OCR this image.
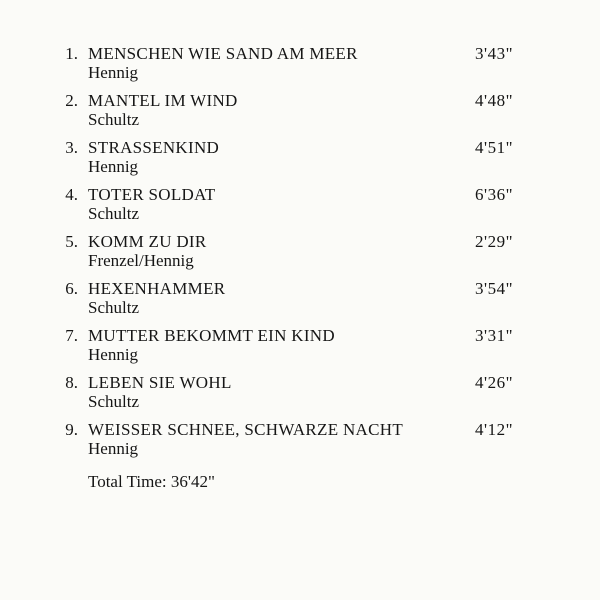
1. MENSCHEN WIE SAND AM MEER
Hennig
3'43"
2. MANTEL IM WIND
Schultz
4'48"
3. STRASSENKIND
Hennig
4'51"
4. TOTER SOLDAT
Schultz
6'36"
5. KOMM ZU DIR
Frenzel/Hennig
2'29"
6. HEXENHAMMER
Schultz
3'54"
7. MUTTER BEKOMMT EIN KIND
Hennig
3'31"
8. LEBEN SIE WOHL
Schultz
4'26"
9. WEISSER SCHNEE, SCHWARZE NACHT
Hennig
4'12"
Total Time: 36'42"
